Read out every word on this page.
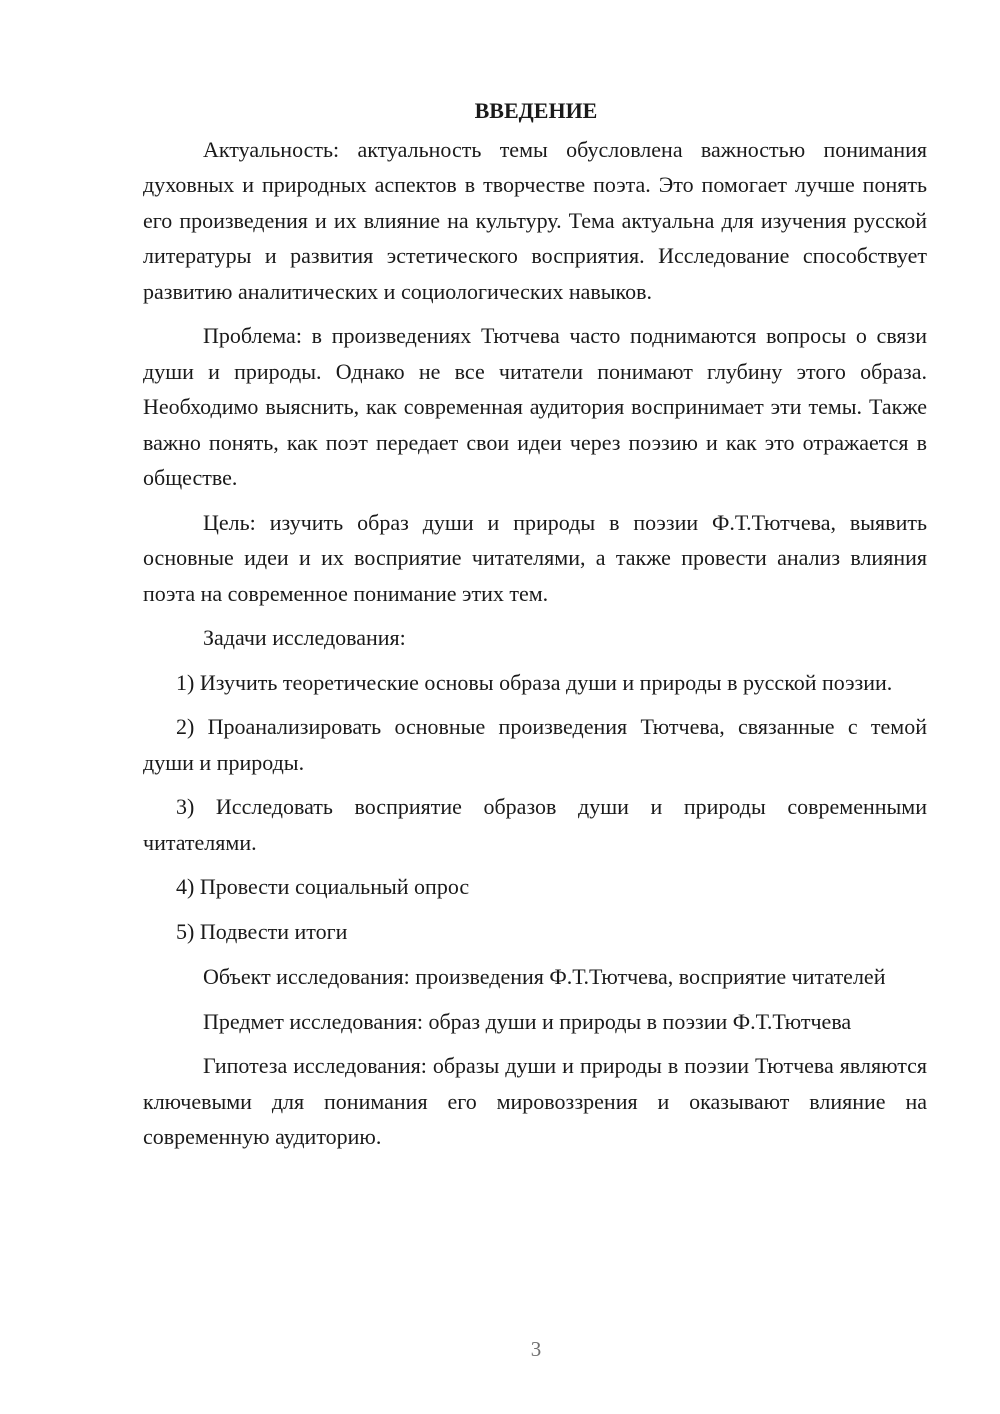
ВВЕДЕНИЕ

Актуальность: актуальность темы обусловлена важностью понимания духовных и природных аспектов в творчестве поэта. Это помогает лучше понять его произведения и их влияние на культуру. Тема актуальна для изучения русской литературы и развития эстетического восприятия. Исследование способствует развитию аналитических и социологических навыков.

Проблема: в произведениях Тютчева часто поднимаются вопросы о связи души и природы. Однако не все читатели понимают глубину этого образа. Необходимо выяснить, как современная аудитория воспринимает эти темы. Также важно понять, как поэт передает свои идеи через поэзию и как это отражается в обществе.

Цель: изучить образ души и природы в поэзии Ф.Т.Тютчева, выявить основные идеи и их восприятие читателями, а также провести анализ влияния поэта на современное понимание этих тем.

Задачи исследования:

1) Изучить теоретические основы образа души и природы в русской поэзии.

2) Проанализировать основные произведения Тютчева, связанные с темой души и природы.

3) Исследовать восприятие образов души и природы современными читателями.

4) Провести социальный опрос

5) Подвести итоги

Объект исследования: произведения Ф.Т.Тютчева, восприятие читателей

Предмет исследования: образ души и природы в поэзии Ф.Т.Тютчева

Гипотеза исследования: образы души и природы в поэзии Тютчева являются ключевыми для понимания его мировоззрения и оказывают влияние на современную аудиторию.

3
